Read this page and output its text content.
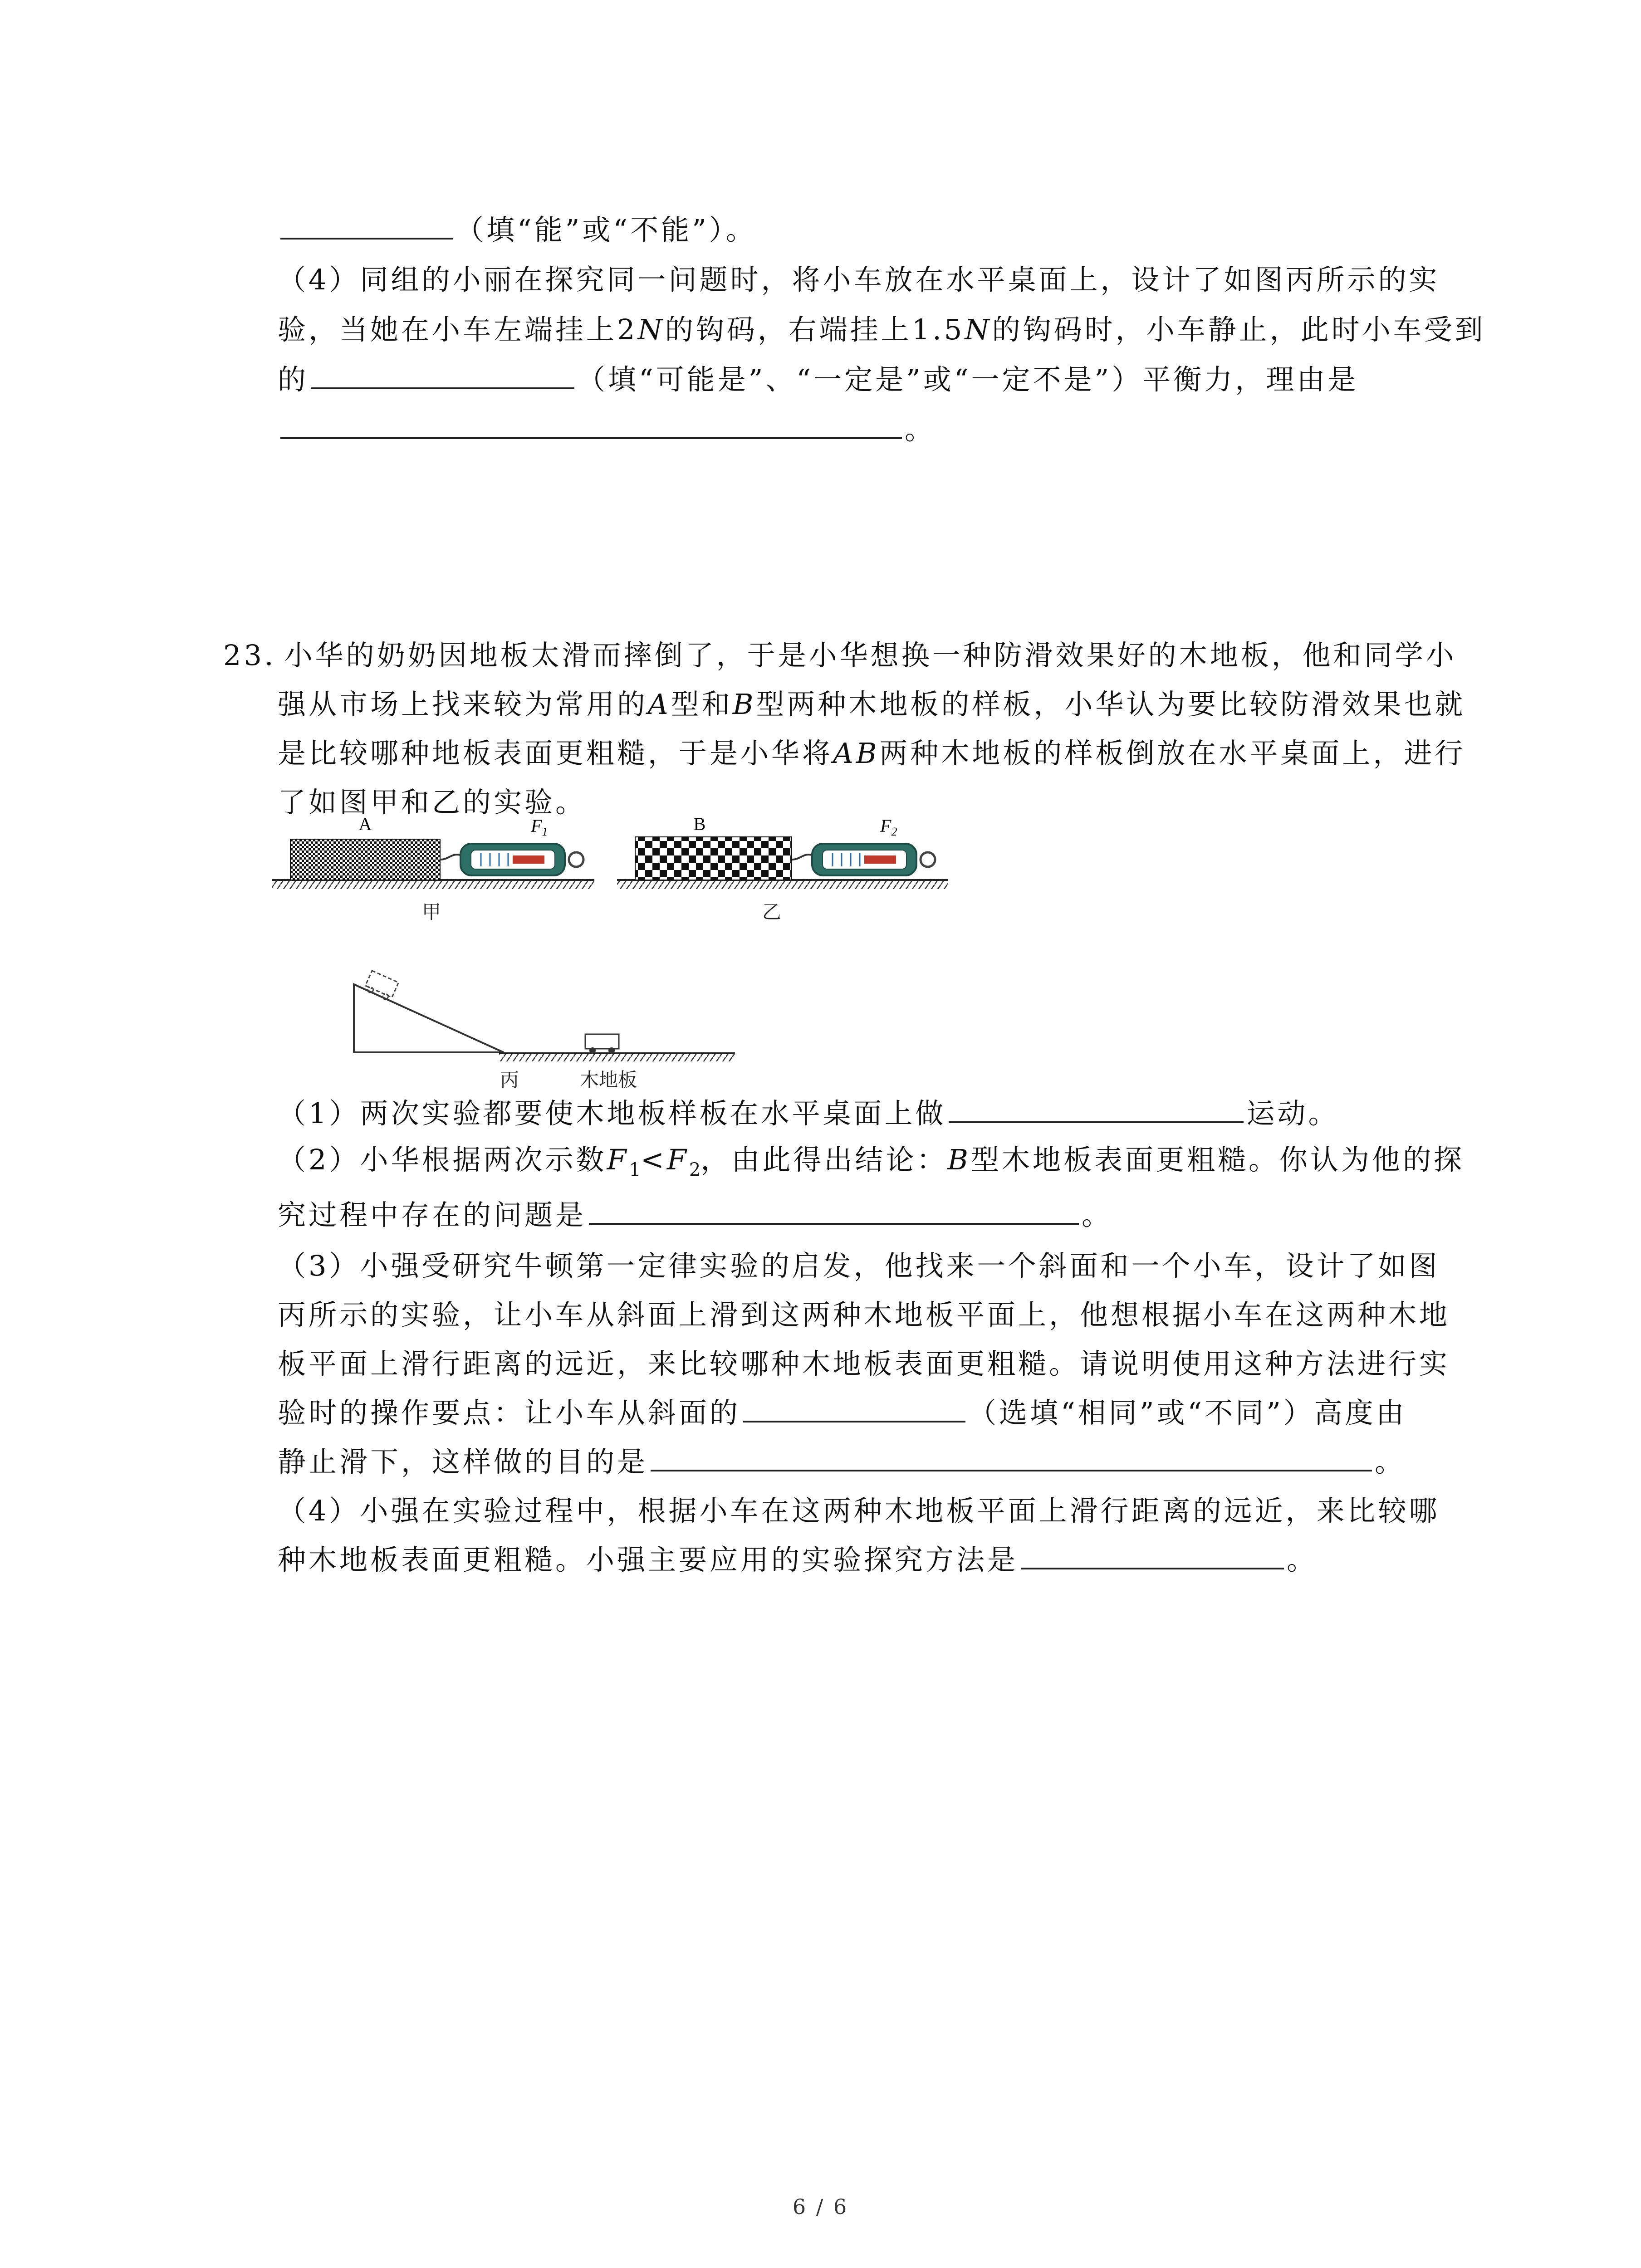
（填“能”或“不能”）。
（4）同组的小丽在探究同一问题时，将小车放在水平桌面上，设计了如图丙所示的实
验，当她在小车左端挂上2N的钩码，右端挂上1.5N的钩码时，小车静止，此时小车受到
的	（填“可能是”、“一定是”或“一定不是”）平衡力，理由是
。
23. 小华的奶奶因地板太滑而摔倒了，于是小华想换一种防滑效果好的木地板，他和同学小
强从市场上找来较为常用的A型和B型两种木地板的样板，小华认为要比较防滑效果也就
是比较哪种地板表面更粗糙，于是小华将AB两种木地板的样板倒放在水平桌面上，进行
了如图甲和乙的实验。
A	$F_1$	B	$F_2$
甲	乙
丙	木地板
（1）两次实验都要使木地板样板在水平桌面上做	运动。
（2）小华根据两次示数$F_1<F_2$，由此得出结论：B型木地板表面更粗糙。你认为他的探
究过程中存在的问题是	。
（3）小强受研究牛顿第一定律实验的启发，他找来一个斜面和一个小车，设计了如图
丙所示的实验，让小车从斜面上滑到这两种木地板平面上，他想根据小车在这两种木地
板平面上滑行距离的远近，来比较哪种木地板表面更粗糙。请说明使用这种方法进行实
验时的操作要点：让小车从斜面的	（选填“相同”或“不同”）高度由
静止滑下，这样做的目的是	。
（4）小强在实验过程中，根据小车在这两种木地板平面上滑行距离的远近，来比较哪
种木地板表面更粗糙。小强主要应用的实验探究方法是	。
6 / 6
